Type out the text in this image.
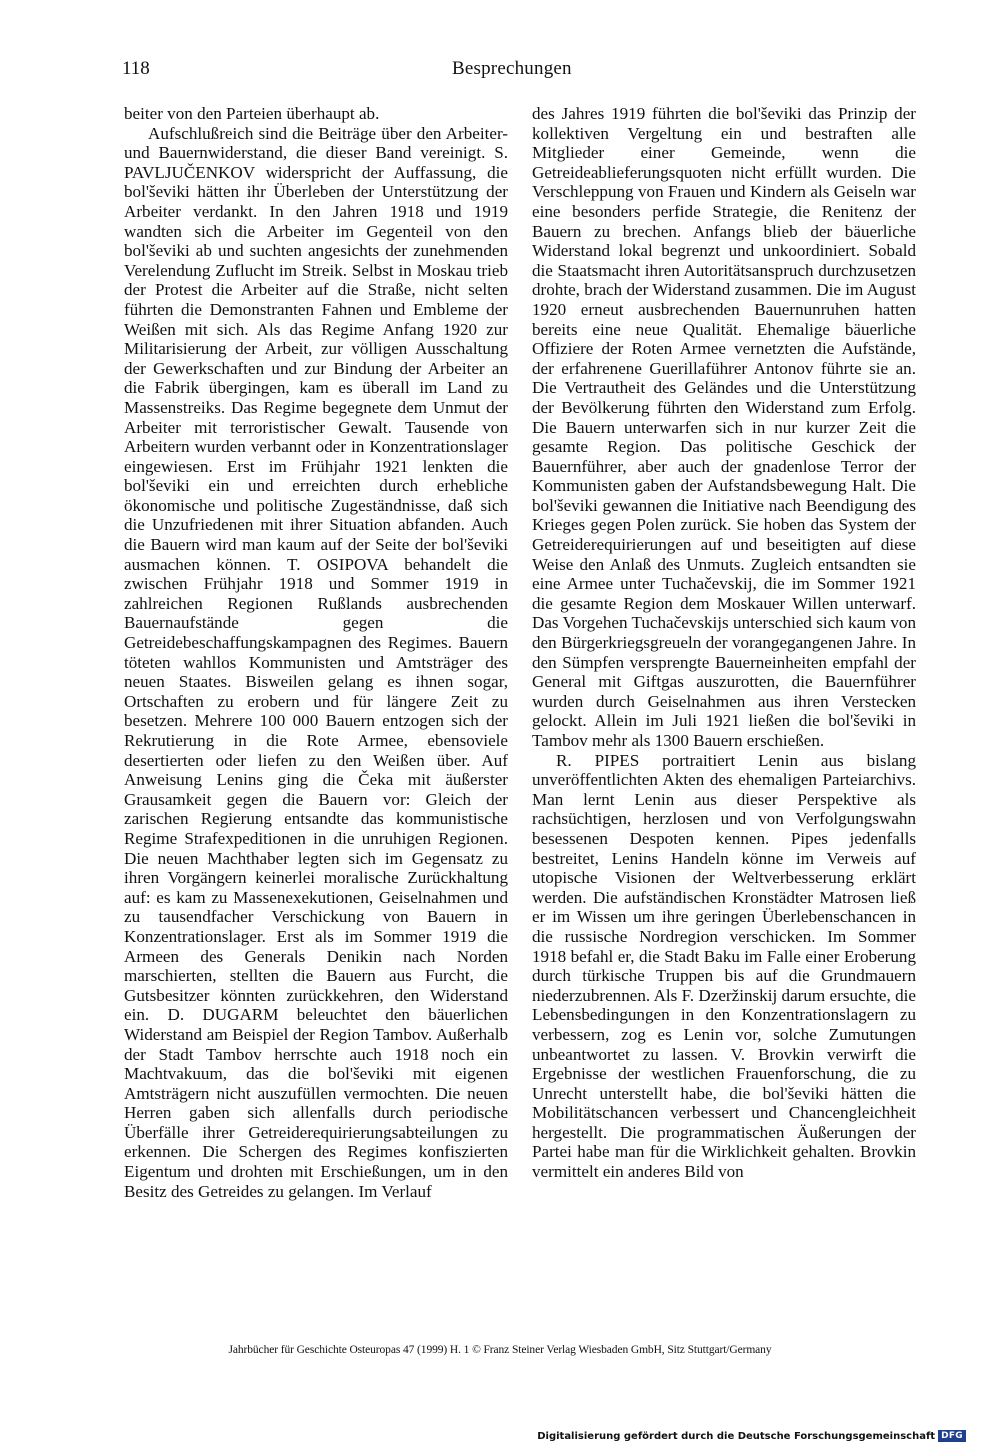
118	Besprechungen

beiter von den Parteien überhaupt ab.

Aufschlußreich sind die Beiträge über den Arbeiter- und Bauernwiderstand, die dieser Band vereinigt. S. PAVLJUČENKOV widerspricht der Auffassung, die bol'ševiki hätten ihr Überleben der Unterstützung der Arbeiter verdankt. In den Jahren 1918 und 1919 wandten sich die Arbeiter im Gegenteil von den bol'ševiki ab und suchten angesichts der zunehmenden Verelendung Zuflucht im Streik. Selbst in Moskau trieb der Protest die Arbeiter auf die Straße, nicht selten führten die Demonstranten Fahnen und Embleme der Weißen mit sich. Als das Regime Anfang 1920 zur Militarisierung der Arbeit, zur völligen Ausschaltung der Gewerkschaften und zur Bindung der Arbeiter an die Fabrik übergingen, kam es überall im Land zu Massenstreiks. Das Regime begegnete dem Unmut der Arbeiter mit terroristischer Gewalt. Tausende von Arbeitern wurden verbannt oder in Konzentrationslager eingewiesen. Erst im Frühjahr 1921 lenkten die bol'ševiki ein und erreichten durch erhebliche ökonomische und politische Zugeständnisse, daß sich die Unzufriedenen mit ihrer Situation abfanden. Auch die Bauern wird man kaum auf der Seite der bol'ševiki ausmachen können. T. OSIPOVA behandelt die zwischen Frühjahr 1918 und Sommer 1919 in zahlreichen Regionen Rußlands ausbrechenden Bauernaufstände gegen die Getreidebeschaffungskampagnen des Regimes. Bauern töteten wahllos Kommunisten und Amtsträger des neuen Staates. Bisweilen gelang es ihnen sogar, Ortschaften zu erobern und für längere Zeit zu besetzen. Mehrere 100 000 Bauern entzogen sich der Rekrutierung in die Rote Armee, ebensoviele desertierten oder liefen zu den Weißen über. Auf Anweisung Lenins ging die Čeka mit äußerster Grausamkeit gegen die Bauern vor: Gleich der zarischen Regierung entsandte das kommunistische Regime Strafexpeditionen in die unruhigen Regionen. Die neuen Machthaber legten sich im Gegensatz zu ihren Vorgängern keinerlei moralische Zurückhaltung auf: es kam zu Massenexekutionen, Geiselnahmen und zu tausendfacher Verschickung von Bauern in Konzentrationslager. Erst als im Sommer 1919 die Armeen des Generals Denikin nach Norden marschierten, stellten die Bauern aus Furcht, die Gutsbesitzer könnten zurückkehren, den Widerstand ein. D. DUGARM beleuchtet den bäuerlichen Widerstand am Beispiel der Region Tambov. Außerhalb der Stadt Tambov herrschte auch 1918 noch ein Machtvakuum, das die bol'ševiki mit eigenen Amtsträgern nicht auszufüllen vermochten. Die neuen Herren gaben sich allenfalls durch periodische Überfälle ihrer Getreiderequirierungsabteilungen zu erkennen. Die Schergen des Regimes konfiszierten Eigentum und drohten mit Erschießungen, um in den Besitz des Getreides zu gelangen. Im Verlauf

des Jahres 1919 führten die bol'ševiki das Prinzip der kollektiven Vergeltung ein und bestraften alle Mitglieder einer Gemeinde, wenn die Getreideablieferungsquoten nicht erfüllt wurden. Die Verschleppung von Frauen und Kindern als Geiseln war eine besonders perfide Strategie, die Renitenz der Bauern zu brechen. Anfangs blieb der bäuerliche Widerstand lokal begrenzt und unkoordiniert. Sobald die Staatsmacht ihren Autoritätsanspruch durchzusetzen drohte, brach der Widerstand zusammen. Die im August 1920 erneut ausbrechenden Bauernunruhen hatten bereits eine neue Qualität. Ehemalige bäuerliche Offiziere der Roten Armee vernetzten die Aufstände, der erfahrenene Guerillaführer Antonov führte sie an. Die Vertrautheit des Geländes und die Unterstützung der Bevölkerung führten den Widerstand zum Erfolg. Die Bauern unterwarfen sich in nur kurzer Zeit die gesamte Region. Das politische Geschick der Bauernführer, aber auch der gnadenlose Terror der Kommunisten gaben der Aufstandsbewegung Halt. Die bol'ševiki gewannen die Initiative nach Beendigung des Krieges gegen Polen zurück. Sie hoben das System der Getreiderequirierungen auf und beseitigten auf diese Weise den Anlaß des Unmuts. Zugleich entsandten sie eine Armee unter Tuchačevskij, die im Sommer 1921 die gesamte Region dem Moskauer Willen unterwarf. Das Vorgehen Tuchačevskijs unterschied sich kaum von den Bürgerkriegsgreueln der vorangegangenen Jahre. In den Sümpfen versprengte Bauerneinheiten empfahl der General mit Giftgas auszurotten, die Bauernführer wurden durch Geiselnahmen aus ihren Verstecken gelockt. Allein im Juli 1921 ließen die bol'ševiki in Tambov mehr als 1300 Bauern erschießen.

R. PIPES portraitiert Lenin aus bislang unveröffentlichten Akten des ehemaligen Parteiarchivs. Man lernt Lenin aus dieser Perspektive als rachsüchtigen, herzlosen und von Verfolgungswahn besessenen Despoten kennen. Pipes jedenfalls bestreitet, Lenins Handeln könne im Verweis auf utopische Visionen der Weltverbesserung erklärt werden. Die aufständischen Kronstädter Matrosen ließ er im Wissen um ihre geringen Überlebenschancen in die russische Nordregion verschicken. Im Sommer 1918 befahl er, die Stadt Baku im Falle einer Eroberung durch türkische Truppen bis auf die Grundmauern niederzubrennen. Als F. Dzeržinskij darum ersuchte, die Lebensbedingungen in den Konzentrationslagern zu verbessern, zog es Lenin vor, solche Zumutungen unbeantwortet zu lassen. V. Brovkin verwirft die Ergebnisse der westlichen Frauenforschung, die zu Unrecht unterstellt habe, die bol'ševiki hätten die Mobilitätschancen verbessert und Chancengleichheit hergestellt. Die programmatischen Äußerungen der Partei habe man für die Wirklichkeit gehalten. Brovkin vermittelt ein anderes Bild von

Jahrbücher für Geschichte Osteuropas 47 (1999) H. 1 © Franz Steiner Verlag Wiesbaden GmbH, Sitz Stuttgart/Germany
Digitalisierung gefördert durch die Deutsche Forschungsgemeinschaft DFG
